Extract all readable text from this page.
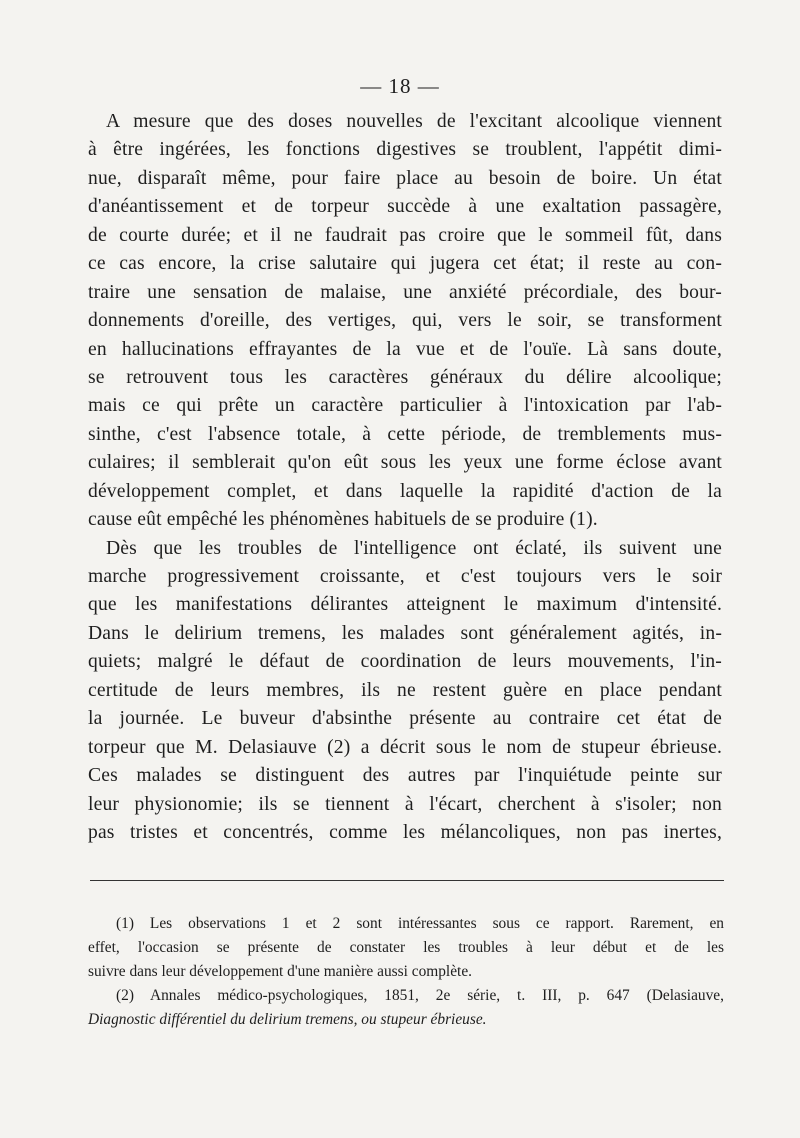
— 18 —
A mesure que des doses nouvelles de l'excitant alcoolique viennent
à être ingérées, les fonctions digestives se troublent, l'appétit dimi-
nue, disparaît même, pour faire place au besoin de boire. Un état
d'anéantissement et de torpeur succède à une exaltation passagère,
de courte durée; et il ne faudrait pas croire que le sommeil fût, dans
ce cas encore, la crise salutaire qui jugera cet état; il reste au con-
traire une sensation de malaise, une anxiété précordiale, des bour-
donnements d'oreille, des vertiges, qui, vers le soir, se transforment
en hallucinations effrayantes de la vue et de l'ouïe. Là sans doute,
se retrouvent tous les caractères généraux du délire alcoolique;
mais ce qui prête un caractère particulier à l'intoxication par l'ab-
sinthe, c'est l'absence totale, à cette période, de tremblements mus-
culaires; il semblerait qu'on eût sous les yeux une forme éclose avant
développement complet, et dans laquelle la rapidité d'action de la
cause eût empêché les phénomènes habituels de se produire (1).
Dès que les troubles de l'intelligence ont éclaté, ils suivent une
marche progressivement croissante, et c'est toujours vers le soir
que les manifestations délirantes atteignent le maximum d'intensité.
Dans le delirium tremens, les malades sont généralement agités, in-
quiets; malgré le défaut de coordination de leurs mouvements, l'in-
certitude de leurs membres, ils ne restent guère en place pendant
la journée. Le buveur d'absinthe présente au contraire cet état de
torpeur que M. Delasiauve (2) a décrit sous le nom de stupeur ébrieuse.
Ces malades se distinguent des autres par l'inquiétude peinte sur
leur physionomie; ils se tiennent à l'écart, cherchent à s'isoler; non
pas tristes et concentrés, comme les mélancoliques, non pas inertes,
(1) Les observations 1 et 2 sont intéressantes sous ce rapport. Rarement, en
effet, l'occasion se présente de constater les troubles à leur début et de les
suivre dans leur développement d'une manière aussi complète.
(2) Annales médico-psychologiques, 1851, 2e série, t. III, p. 647 (Delasiauve,
Diagnostic différentiel du delirium tremens, ou stupeur ébrieuse.
